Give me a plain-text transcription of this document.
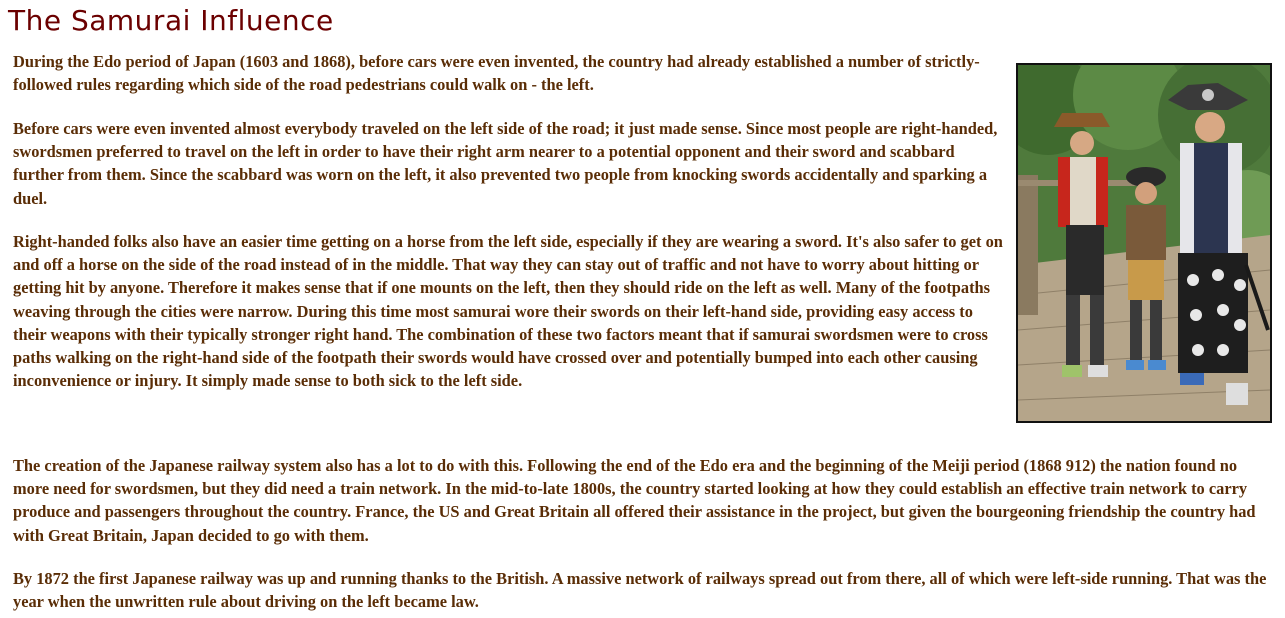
The Samurai Influence

During the Edo period of Japan (1603 and 1868), before cars were even invented, the country had already established a number of strictly-followed rules regarding which side of the road pedestrians could walk on - the left.

Before cars were even invented almost everybody traveled on the left side of the road; it just made sense. Since most people are right-handed, swordsmen preferred to travel on the left in order to have their right arm nearer to a potential opponent and their sword and scabbard further from them. Since the scabbard was worn on the left, it also prevented two people from knocking swords accidentally and sparking a duel.

Right-handed folks also have an easier time getting on a horse from the left side, especially if they are wearing a sword. It's also safer to get on and off a horse on the side of the road instead of in the middle. That way they can stay out of traffic and not have to worry about hitting or getting hit by anyone. Therefore it makes sense that if one mounts on the left, then they should ride on the left as well. Many of the footpaths weaving through the cities were narrow. During this time most samurai wore their swords on their left-hand side, providing easy access to their weapons with their typically stronger right hand. The combination of these two factors meant that if samurai swordsmen were to cross paths walking on the right-hand side of the footpath their swords would have crossed over and potentially bumped into each other causing inconvenience or injury. It simply made sense to both sick to the left side.

The creation of the Japanese railway system also has a lot to do with this. Following the end of the Edo era and the beginning of the Meiji period (1868 912) the nation found no more need for swordsmen, but they did need a train network. In the mid-to-late 1800s, the country started looking at how they could establish an effective train network to carry produce and passengers throughout the country. France, the US and Great Britain all offered their assistance in the project, but given the bourgeoning friendship the country had with Great Britain, Japan decided to go with them.

By 1872 the first Japanese railway was up and running thanks to the British. A massive network of railways spread out from there, all of which were left-side running. That was the year when the unwritten rule about driving on the left became law.
